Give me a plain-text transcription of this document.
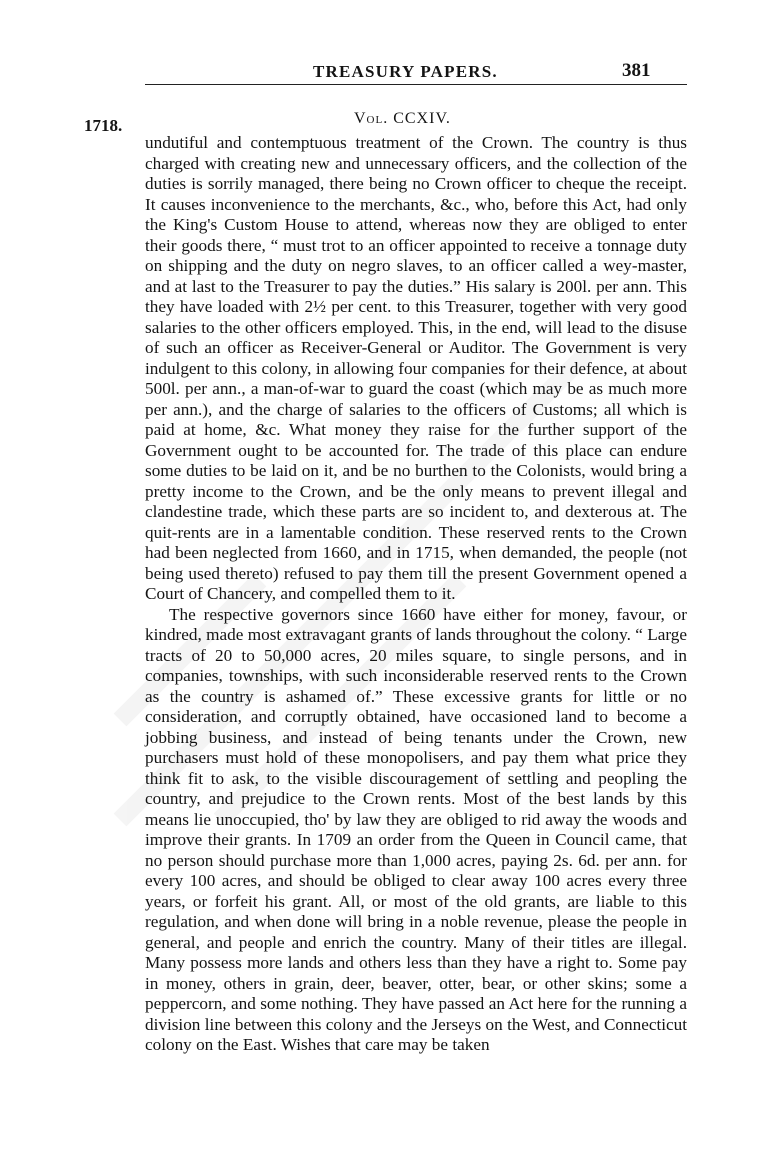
TREASURY PAPERS.	381
1718.	Vol. CCXIV.

undutiful and contemptuous treatment of the Crown. The country is thus charged with creating new and unnecessary officers, and the collection of the duties is sorrily managed, there being no Crown officer to cheque the receipt. It causes inconvenience to the merchants, &c., who, before this Act, had only the King's Custom House to attend, whereas now they are obliged to enter their goods there, “ must trot to an officer appointed to receive a tonnage duty on shipping and the duty on negro slaves, to an officer called a wey-master, and at last to the Treasurer to pay the duties.” His salary is 200l. per ann. This they have loaded with 2½ per cent. to this Treasurer, together with very good salaries to the other officers employed. This, in the end, will lead to the disuse of such an officer as Receiver-General or Auditor. The Government is very indulgent to this colony, in allowing four companies for their defence, at about 500l. per ann., a man-of-war to guard the coast (which may be as much more per ann.), and the charge of salaries to the officers of Customs; all which is paid at home, &c. What money they raise for the further support of the Government ought to be accounted for. The trade of this place can endure some duties to be laid on it, and be no burthen to the Colonists, would bring a pretty income to the Crown, and be the only means to prevent illegal and clandestine trade, which these parts are so incident to, and dexterous at. The quit-rents are in a lamentable condition. These reserved rents to the Crown had been neglected from 1660, and in 1715, when demanded, the people (not being used thereto) refused to pay them till the present Government opened a Court of Chancery, and compelled them to it.

The respective governors since 1660 have either for money, favour, or kindred, made most extravagant grants of lands throughout the colony. “ Large tracts of 20 to 50,000 acres, 20 miles square, to single persons, and in companies, townships, with such inconsiderable reserved rents to the Crown as the country is ashamed of.” These excessive grants for little or no consideration, and corruptly obtained, have occasioned land to become a jobbing business, and instead of being tenants under the Crown, new purchasers must hold of these monopolisers, and pay them what price they think fit to ask, to the visible discouragement of settling and peopling the country, and prejudice to the Crown rents. Most of the best lands by this means lie unoccupied, tho' by law they are obliged to rid away the woods and improve their grants. In 1709 an order from the Queen in Council came, that no person should purchase more than 1,000 acres, paying 2s. 6d. per ann. for every 100 acres, and should be obliged to clear away 100 acres every three years, or forfeit his grant. All, or most of the old grants, are liable to this regulation, and when done will bring in a noble revenue, please the people in general, and people and enrich the country. Many of their titles are illegal. Many possess more lands and others less than they have a right to. Some pay in money, others in grain, deer, beaver, otter, bear, or other skins; some a peppercorn, and some nothing. They have passed an Act here for the running a division line between this colony and the Jerseys on the West, and Connecticut colony on the East. Wishes that care may be taken
